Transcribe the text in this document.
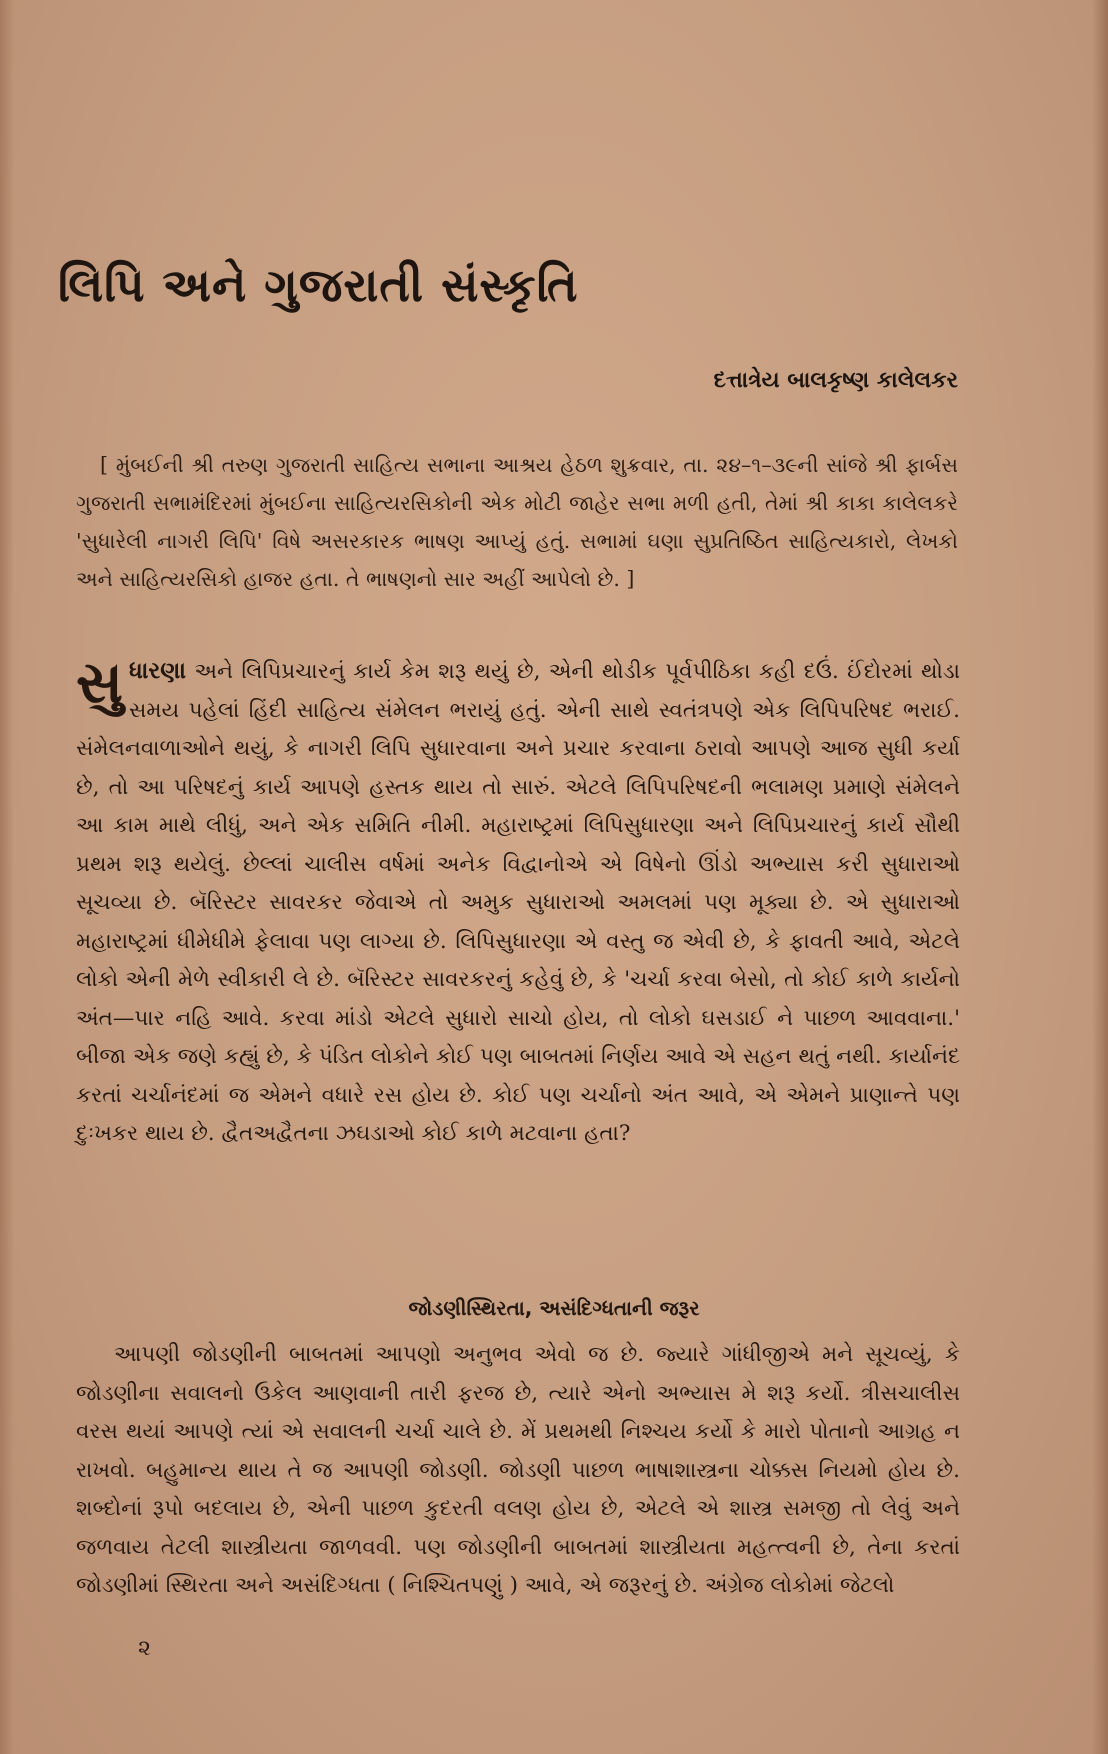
લિપિ અને ગુજરાતી સંસ્કૃતિ
દત્તાત્રેય બાલકૃષ્ણ કાલેલકર

[ મુંબઈની શ્રી તરુણ ગુજરાતી સાહિત્ય સભાના આશ્રય હેઠળ શુક્રવાર, તા. ૨૪–૧–૩૯ની સાંજે શ્રી ફાર્બસ ગુજરાતી સભામંદિરમાં મુંબઈના સાહિત્યરસિકોની એક મોટી જાહેર સભા મળી હતી, તેમાં શ્રી કાકા કાલેલકરે 'સુધારેલી નાગરી લિપિ' વિષે અસરકારક ભાષણ આપ્યું હતું. સભામાં ઘણા સુપ્રતિષ્ઠિત સાહિત્યકારો, લેખકો અને સાહિત્યરસિકો હાજર હતા. તે ભાષણનો સાર અહીં આપેલો છે. ]

સુધારણા અને લિપિપ્રચારનું કાર્ય કેમ શરૂ થયું છે, એની થોડીક પૂર્વપીઠિકા કહી દઉં. ઈંદોરમાં થોડા સમય પહેલાં હિંદી સાહિત્ય સંમેલન ભરાયું હતું. એની સાથે સ્વતંત્રપણે એક લિપિપરિષદ ભરાઈ. સંમેલનવાળાઓને થયું, કે નાગરી લિપિ સુધારવાના અને પ્રચાર કરવાના ઠરાવો આપણે આજ સુધી કર્યા છે, તો આ પરિષદનું કાર્ય આપણે હસ્તક થાય તો સારું. એટલે લિપિપરિષદની ભલામણ પ્રમાણે સંમેલને આ કામ માથે લીધું, અને એક સમિતિ નીમી. મહારાષ્ટ્રમાં લિપિસુધારણા અને લિપિપ્રચારનું કાર્ય સૌથી પ્રથમ શરૂ થયેલું. છેલ્લાં ચાલીસ વર્ષમાં અનેક વિદ્વાનોએ એ વિષેનો ઊંડો અભ્યાસ કરી સુધારાઓ સૂચવ્યા છે. બૅરિસ્ટર સાવરકર જેવાએ તો અમુક સુધારાઓ અમલમાં પણ મૂક્યા છે. એ સુધારાઓ મહારાષ્ટ્રમાં ધીમેધીમે ફેલાવા પણ લાગ્યા છે. લિપિસુધારણા એ વસ્તુ જ એવી છે, કે ફાવતી આવે, એટલે લોકો એની મેળે સ્વીકારી લે છે. બૅરિસ્ટર સાવરકરનું કહેવું છે, કે 'ચર્ચા કરવા બેસો, તો કોઈ કાળે કાર્યનો અંત—પાર નહિ આવે. કરવા માંડો એટલે સુધારો સાચો હોય, તો લોકો ઘસડાઈ ને પાછળ આવવાના.' બીજા એક જણે કહ્યું છે, કે પંડિત લોકોને કોઈ પણ બાબતમાં નિર્ણય આવે એ સહન થતું નથી. કાર્યાનંદ કરતાં ચર્ચાનંદમાં જ એમને વધારે રસ હોય છે. કોઈ પણ ચર્ચાનો અંત આવે, એ એમને પ્રાણાન્તે પણ દુઃખકર થાય છે. દ્વૈતઅદ્વૈતના ઝઘડાઓ કોઈ કાળે મટવાના હતા?

જોડણીસ્થિરતા, અસંદિગ્ધતાની જરૂર

આપણી જોડણીની બાબતમાં આપણો અનુભવ એવો જ છે. જ્યારે ગાંધીજીએ મને સૂચવ્યું, કે જોડણીના સવાલનો ઉકેલ આણવાની તારી ફરજ છે, ત્યારે એનો અભ્યાસ મે શરૂ કર્યો. ત્રીસચાલીસ વરસ થયાં આપણે ત્યાં એ સવાલની ચર્ચા ચાલે છે. મેં પ્રથમથી નિશ્ચય કર્યો કે મારો પોતાનો આગ્રહ ન રાખવો. બહુમાન્ય થાય તે જ આપણી જોડણી. જોડણી પાછળ ભાષાશાસ્ત્રના ચોક્કસ નિયમો હોય છે. શબ્દોનાં રૂપો બદલાય છે, એની પાછળ કુદરતી વલણ હોય છે, એટલે એ શાસ્ત્ર સમજી તો લેવું અને જળવાય તેટલી શાસ્ત્રીયતા જાળવવી. પણ જોડણીની બાબતમાં શાસ્ત્રીયતા મહત્ત્વની છે, તેના કરતાં જોડણીમાં સ્થિરતા અને અસંદિગ્ધતા ( નિશ્ચિતપણું ) આવે, એ જરૂરનું છે. અંગ્રેજ લોકોમાં જેટલો

૨
